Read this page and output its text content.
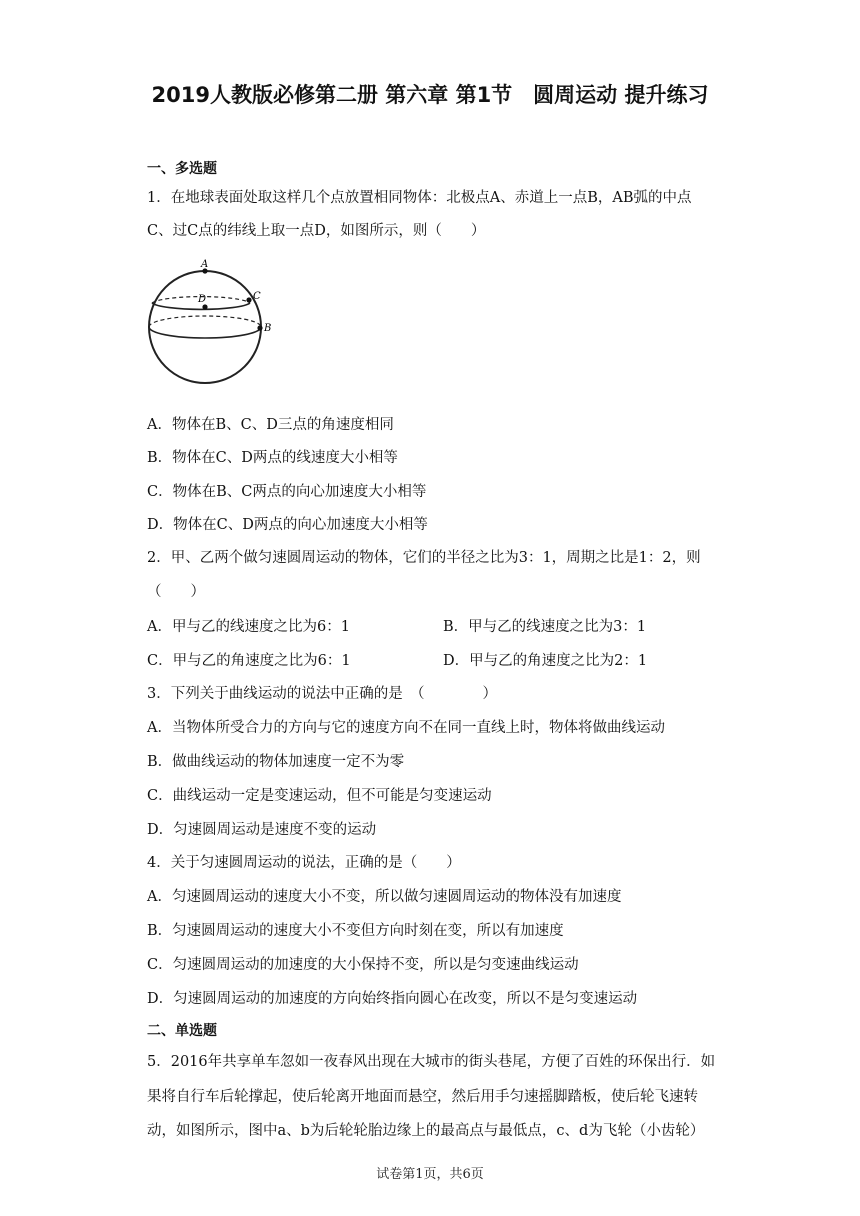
2019人教版必修第二册 第六章 第1节　圆周运动 提升练习
一、多选题
1．在地球表面处取这样几个点放置相同物体：北极点A、赤道上一点B，AB弧的中点
C、过C点的纬线上取一点D，如图所示，则（　　）
A
D	C
B
A．物体在B、C、D三点的角速度相同
B．物体在C、D两点的线速度大小相等
C．物体在B、C两点的向心加速度大小相等
D．物体在C、D两点的向心加速度大小相等
2．甲、乙两个做匀速圆周运动的物体，它们的半径之比为3：1，周期之比是1：2，则
（　　）
A．甲与乙的线速度之比为6：1	B．甲与乙的线速度之比为3：1
C．甲与乙的角速度之比为6：1	D．甲与乙的角速度之比为2：1
3．下列关于曲线运动的说法中正确的是　（　　　　）
A．当物体所受合力的方向与它的速度方向不在同一直线上时，物体将做曲线运动
B．做曲线运动的物体加速度一定不为零
C．曲线运动一定是变速运动，但不可能是匀变速运动
D．匀速圆周运动是速度不变的运动
4．关于匀速圆周运动的说法，正确的是（　　）
A．匀速圆周运动的速度大小不变，所以做匀速圆周运动的物体没有加速度
B．匀速圆周运动的速度大小不变但方向时刻在变，所以有加速度
C．匀速圆周运动的加速度的大小保持不变，所以是匀变速曲线运动
D．匀速圆周运动的加速度的方向始终指向圆心在改变，所以不是匀变速运动
二、单选题
5．2016年共享单车忽如一夜春风出现在大城市的街头巷尾，方便了百姓的环保出行．如
果将自行车后轮撑起，使后轮离开地面而悬空，然后用手匀速摇脚踏板，使后轮飞速转
动，如图所示，图中a、b为后轮轮胎边缘上的最高点与最低点，c、d为飞轮（小齿轮）
试卷第1页，共6页
